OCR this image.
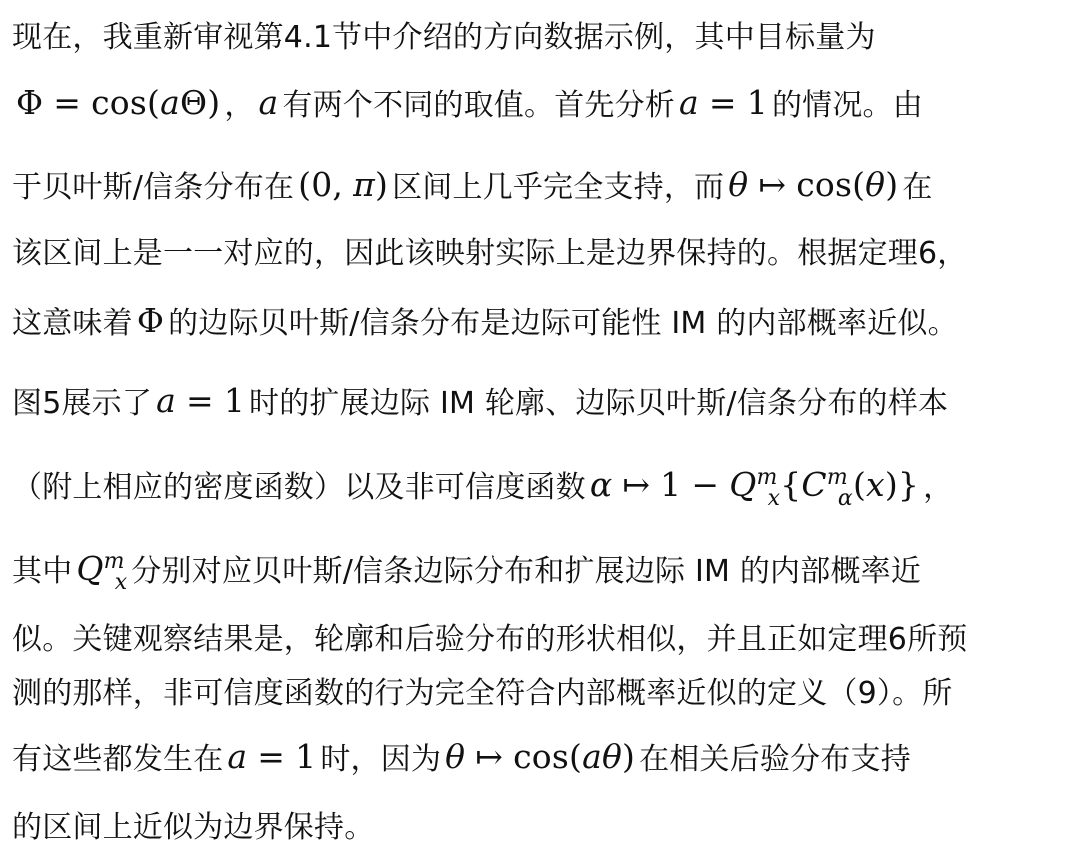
现在，我重新审视第4.1节中介绍的方向数据示例，其中目标量为
Φ = cos(aΘ) ， a 有两个不同的取值。首先分析 a = 1 的情况。由
于贝叶斯/信条分布在 (0, π) 区间上几乎完全支持，而 θ ↦ cos(θ) 在
该区间上是一一对应的，因此该映射实际上是边界保持的。根据定理6，
这意味着 Φ 的边际贝叶斯/信条分布是边际可能性 IM 的内部概率近似。
图5展示了 a = 1 时的扩展边际 IM 轮廓、边际贝叶斯/信条分布的样本
（附上相应的密度函数）以及非可信度函数 α ↦ $1 - Q^m_x\{C^m_\alpha(x)\}$ ，
其中 $Q^m_x$ 分别对应贝叶斯/信条边际分布和扩展边际 IM 的内部概率近
似。关键观察结果是，轮廓和后验分布的形状相似，并且正如定理6所预
测的那样，非可信度函数的行为完全符合内部概率近似的定义（9）。所
有这些都发生在 a = 1 时，因为 θ ↦ cos(aθ) 在相关后验分布支持
的区间上近似为边界保持。
